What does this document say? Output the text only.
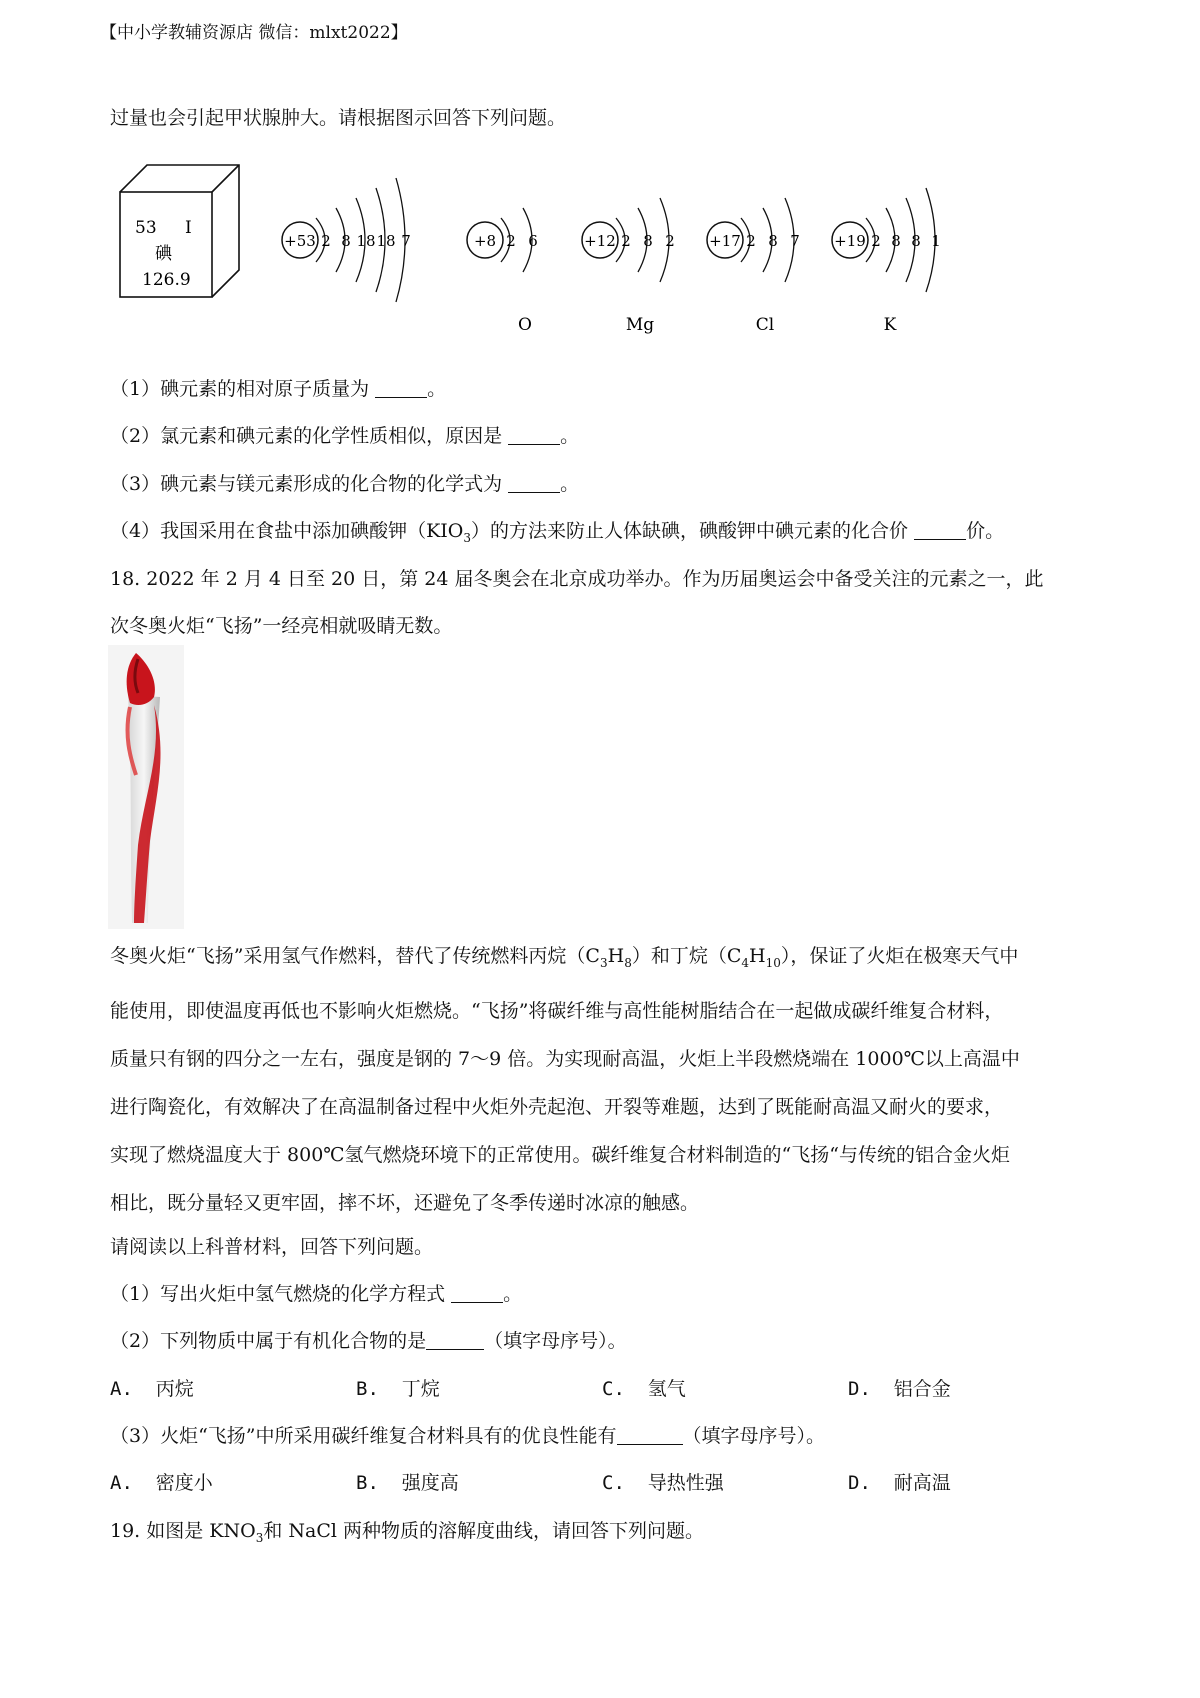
【中小学教辅资源店 微信：mlxt2022】
过量也会引起甲状腺肿大。请根据图示回答下列问题。
53 I
碘
126.9
+53 2 8 18 18 7	+8 2 6
O
+12 2 8 2
Mg
+17 2 8 7
Cl
+19 2 8 8 1
K
（1）碘元素的相对原子质量为	。
（2）氯元素和碘元素的化学性质相似，原因是	。
（3）碘元素与镁元素形成的化合物的化学式为	。
（4）我国采用在食盐中添加碘酸钾$(KIO_3)$的方法来防止人体缺碘，碘酸钾中碘元素的化合价	价。
18. 2022 年 2 月 4 日至 20 日，第 24 届冬奥会在北京成功举办。作为历届奥运会中备受关注的元素之一，此
次冬奥火炬“飞扬”一经亮相就吸睛无数。
冬奥火炬“飞扬”采用氢气作燃料，替代了传统燃料丙烷$(C_3H_8)$和丁烷$(C_4H_{10})$，保证了火炬在极寒天气中
能使用，即使温度再低也不影响火炬燃烧。“飞扬”将碳纤维与高性能树脂结合在一起做成碳纤维复合材料，
质量只有钢的四分之一左右，强度是钢的 7～9 倍。为实现耐高温，火炬上半段燃烧端在 1000℃以上高温中
进行陶瓷化，有效解决了在高温制备过程中火炬外壳起泡、开裂等难题，达到了既能耐高温又耐火的要求，
实现了燃烧温度大于 800℃氢气燃烧环境下的正常使用。碳纤维复合材料制造的“飞扬“与传统的铝合金火炬
相比，既分量轻又更牢固，摔不坏，还避免了冬季传递时冰凉的触感。
请阅读以上科普材料，回答下列问题。
（1）写出火炬中氢气燃烧的化学方程式	。
（2）下列物质中属于有机化合物的是	（填字母序号）。
A. 丙烷	B. 丁烷	C. 氢气	D. 铝合金
（3）火炬“飞扬”中所采用碳纤维复合材料具有的优良性能有	（填字母序号）。
A. 密度小	B. 强度高	C. 导热性强	D. 耐高温
19. 如图是 $KNO_3$和 NaCl 两种物质的溶解度曲线，请回答下列问题。
